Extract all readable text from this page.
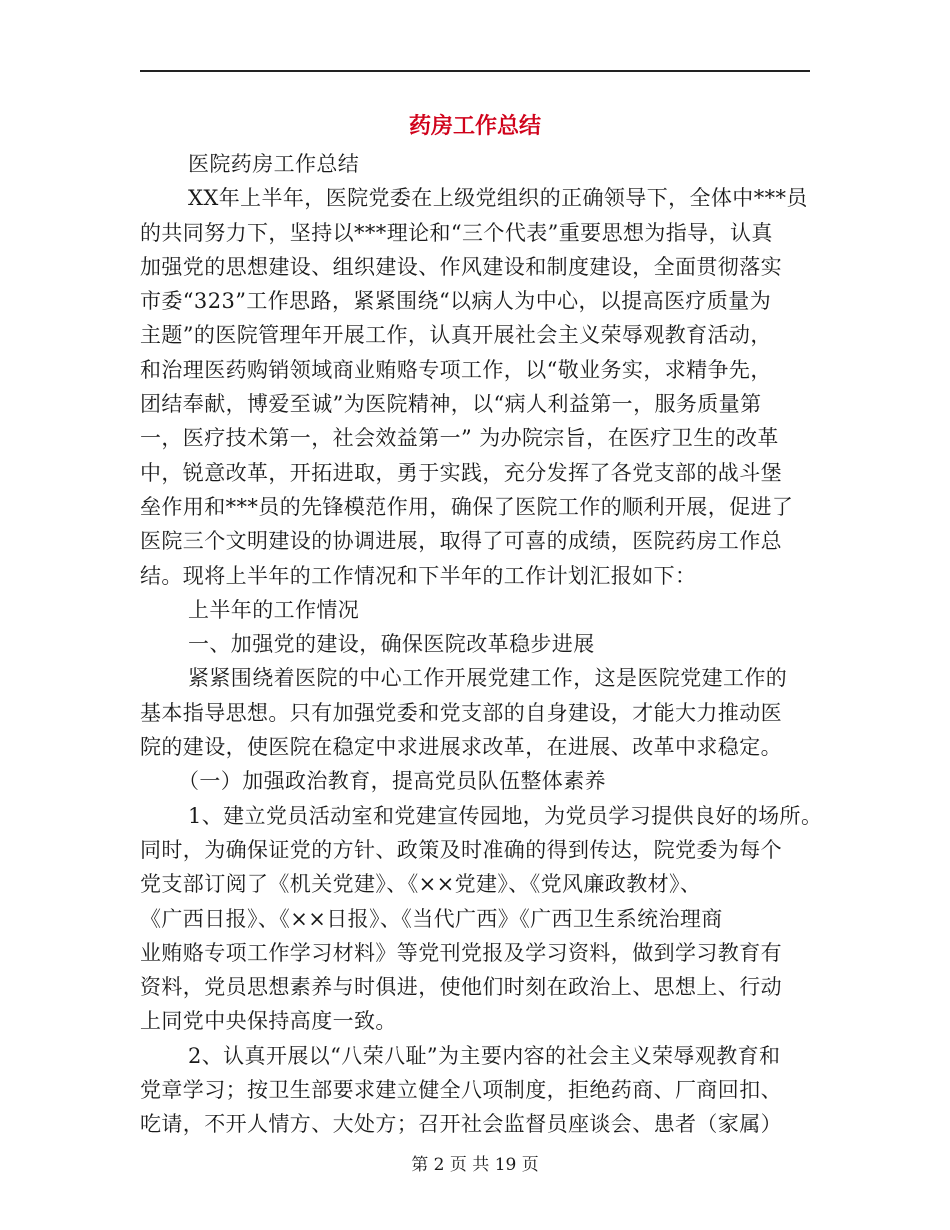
药房工作总结
医院药房工作总结
XX年上半年，医院党委在上级党组织的正确领导下，全体中***员
的共同努力下，坚持以***理论和“三个代表”重要思想为指导，认真
加强党的思想建设、组织建设、作风建设和制度建设，全面贯彻落实
市委“323”工作思路，紧紧围绕“以病人为中心，以提高医疗质量为
主题”的医院管理年开展工作，认真开展社会主义荣辱观教育活动，
和治理医药购销领域商业贿赂专项工作，以“敬业务实，求精争先，
团结奉献，博爱至诚”为医院精神，以“病人利益第一，服务质量第
一，医疗技术第一，社会效益第一” 为办院宗旨，在医疗卫生的改革
中，锐意改革，开拓进取，勇于实践，充分发挥了各党支部的战斗堡
垒作用和***员的先锋模范作用，确保了医院工作的顺利开展，促进了
医院三个文明建设的协调进展，取得了可喜的成绩，医院药房工作总
结。现将上半年的工作情况和下半年的工作计划汇报如下：
上半年的工作情况
一、加强党的建设，确保医院改革稳步进展
紧紧围绕着医院的中心工作开展党建工作，这是医院党建工作的
基本指导思想。只有加强党委和党支部的自身建设，才能大力推动医
院的建设，使医院在稳定中求进展求改革，在进展、改革中求稳定。
（一）加强政治教育，提高党员队伍整体素养
1、建立党员活动室和党建宣传园地，为党员学习提供良好的场所。
同时，为确保证党的方针、政策及时准确的得到传达，院党委为每个
党支部订阅了《机关党建》、《××党建》、《党风廉政教材》、
《广西日报》、《××日报》、《当代广西》《广西卫生系统治理商
业贿赂专项工作学习材料》等党刊党报及学习资料，做到学习教育有
资料，党员思想素养与时俱进，使他们时刻在政治上、思想上、行动
上同党中央保持高度一致。
2、认真开展以“八荣八耻”为主要内容的社会主义荣辱观教育和
党章学习；按卫生部要求建立健全八项制度，拒绝药商、厂商回扣、
吃请，不开人情方、大处方；召开社会监督员座谈会、患者（家属）
第 2 页 共 19 页
